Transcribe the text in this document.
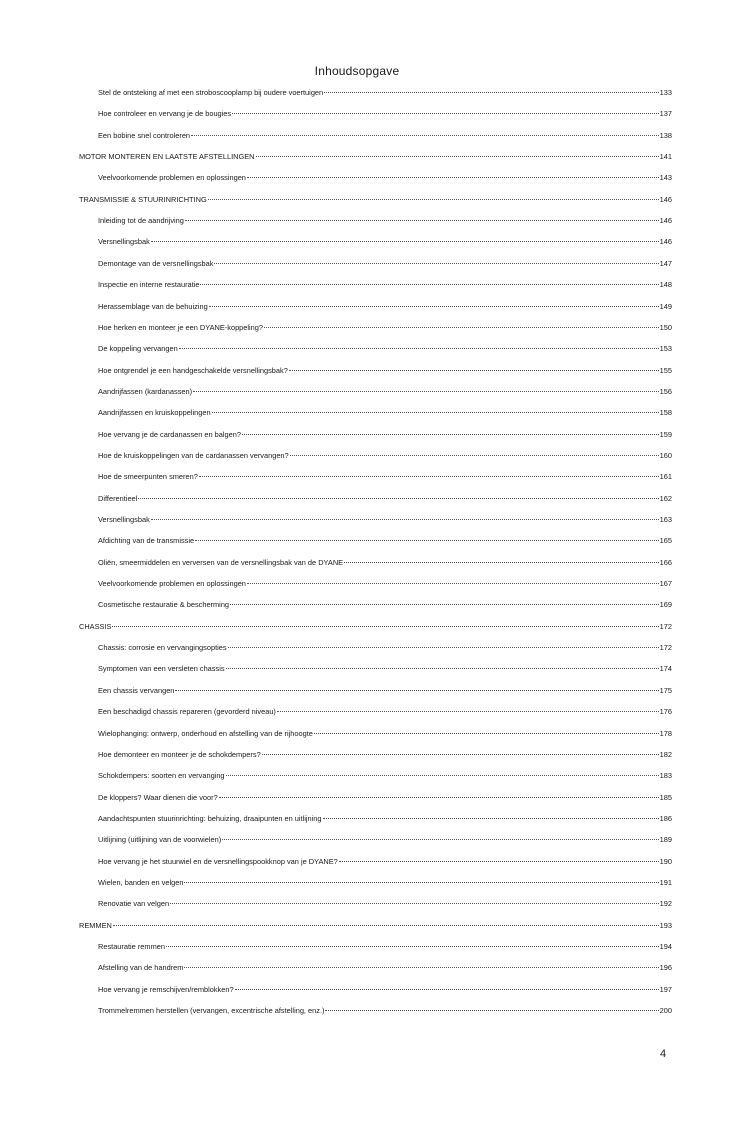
Inhoudsopgave
Stel de ontsteking af met een stroboscooplamp bij oudere voertuigen	133
Hoe controleer en vervang je de bougies	137
Een bobine snel controleren	138
MOTOR MONTEREN EN LAATSTE AFSTELLINGEN	141
Veelvoorkomende problemen en oplossingen	143
TRANSMISSIE & STUURINRICHTING	146
Inleiding tot de aandrijving	146
Versnellingsbak	146
Demontage van de versnellingsbak	147
Inspectie en interne restauratie	148
Herassemblage van de behuizing	149
Hoe herken en monteer je een DYANE-koppeling?	150
De koppeling vervangen	153
Hoe ontgrendel je een handgeschakelde versnellingsbak?	155
Aandrijfassen (kardanassen)	156
Aandrijfassen en kruiskoppelingen	158
Hoe vervang je de cardanassen en balgen?	159
Hoe de kruiskoppelingen van de cardanassen vervangen?	160
Hoe de smeerpunten smeren?	161
Differentieel	162
Versnellingsbak	163
Afdichting van de transmissie	165
Oliën, smeermiddelen en verversen van de versnellingsbak van de DYANE	166
Veelvoorkomende problemen en oplossingen	167
Cosmetische restauratie & bescherming	169
CHASSIS	172
Chassis: corrosie en vervangingsopties	172
Symptomen van een versleten chassis	174
Een chassis vervangen	175
Een beschadigd chassis repareren (gevorderd niveau)	176
Wielophanging: ontwerp, onderhoud en afstelling van de rijhoogte	178
Hoe demonteer en monteer je de schokdempers?	182
Schokdempers: soorten en vervanging	183
De kloppers? Waar dienen die voor?	185
Aandachtspunten stuurinrichting: behuizing, draaipunten en uitlijning	186
Uitlijning (uitlijning van de voorwielen)	189
Hoe vervang je het stuurwiel en de versnellingspookknop van je DYANE?	190
Wielen, banden en velgen	191
Renovatie van velgen	192
REMMEN	193
Restauratie remmen	194
Afstelling van de handrem	196
Hoe vervang je remschijven/remblokken?	197
Trommelremmen herstellen (vervangen, excentrische afstelling, enz.)	200
4
